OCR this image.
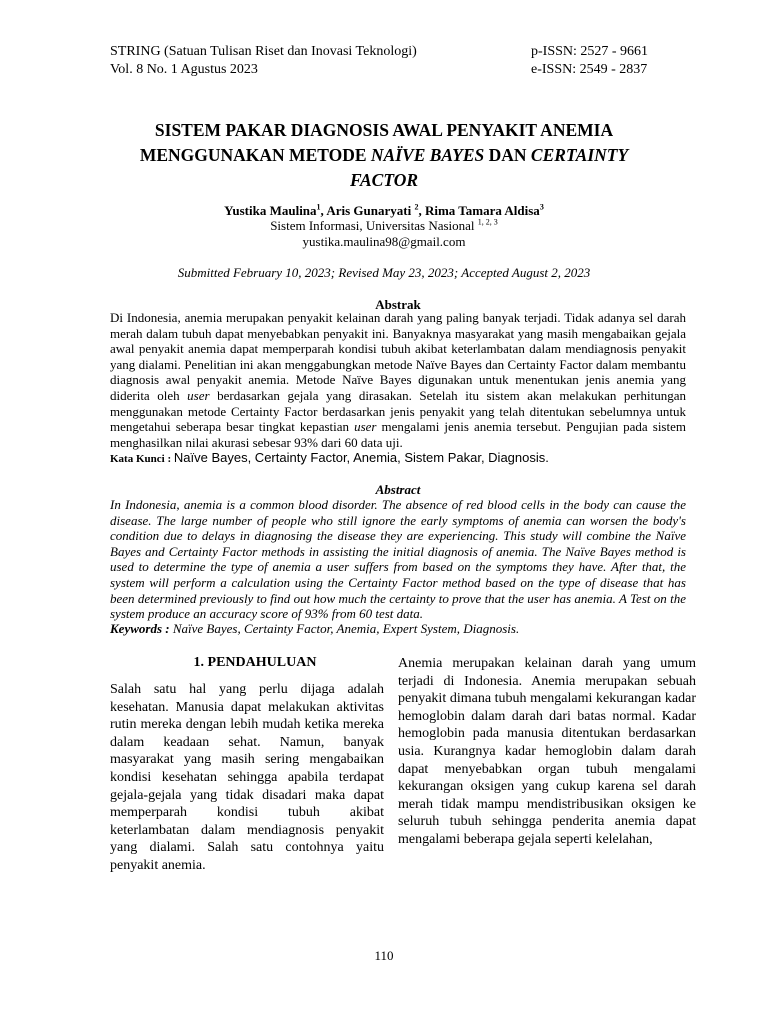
STRING (Satuan Tulisan Riset dan Inovasi Teknologi)
Vol. 8 No. 1 Agustus 2023
p-ISSN: 2527 - 9661
e-ISSN: 2549 - 2837
SISTEM PAKAR DIAGNOSIS AWAL PENYAKIT ANEMIA
MENGGUNAKAN METODE NAÏVE BAYES DAN CERTAINTY
FACTOR
Yustika Maulina$^1$, Aris Gunaryati $^2$, Rima Tamara Aldisa$^3$
Sistem Informasi, Universitas Nasional $^{1, 2, 3}$
yustika.maulina98@gmail.com
Submitted February 10, 2023; Revised May 23, 2023; Accepted August 2, 2023
Abstrak
Di Indonesia, anemia merupakan penyakit kelainan darah yang paling banyak terjadi. Tidak adanya sel darah merah dalam tubuh dapat menyebabkan penyakit ini. Banyaknya masyarakat yang masih mengabaikan gejala awal penyakit anemia dapat memperparah kondisi tubuh akibat keterlambatan dalam mendiagnosis penyakit yang dialami. Penelitian ini akan menggabungkan metode Naïve Bayes dan Certainty Factor dalam membantu diagnosis awal penyakit anemia. Metode Naïve Bayes digunakan untuk menentukan jenis anemia yang diderita oleh user berdasarkan gejala yang dirasakan. Setelah itu sistem akan melakukan perhitungan menggunakan metode Certainty Factor berdasarkan jenis penyakit yang telah ditentukan sebelumnya untuk mengetahui seberapa besar tingkat kepastian user mengalami jenis anemia tersebut. Pengujian pada sistem menghasilkan nilai akurasi sebesar 93% dari 60 data uji.
Kata Kunci : Naïve Bayes, Certainty Factor, Anemia, Sistem Pakar, Diagnosis.
Abstract
In Indonesia, anemia is a common blood disorder. The absence of red blood cells in the body can cause the disease. The large number of people who still ignore the early symptoms of anemia can worsen the body's condition due to delays in diagnosing the disease they are experiencing. This study will combine the Naïve Bayes and Certainty Factor methods in assisting the initial diagnosis of anemia. The Naïve Bayes method is used to determine the type of anemia a user suffers from based on the symptoms they have. After that, the system will perform a calculation using the Certainty Factor method based on the type of disease that has been determined previously to find out how much the certainty to prove that the user has anemia. A Test on the system produce an accuracy score of 93% from 60 test data.
Keywords : Naïve Bayes, Certainty Factor, Anemia, Expert System, Diagnosis.
1. PENDAHULUAN
Salah satu hal yang perlu dijaga adalah kesehatan. Manusia dapat melakukan aktivitas rutin mereka dengan lebih mudah ketika mereka dalam keadaan sehat. Namun, banyak masyarakat yang masih sering mengabaikan kondisi kesehatan sehingga apabila terdapat gejala-gejala yang tidak disadari maka dapat memperparah kondisi tubuh akibat keterlambatan dalam mendiagnosis penyakit yang dialami. Salah satu contohnya yaitu penyakit anemia.
Anemia merupakan kelainan darah yang umum terjadi di Indonesia. Anemia merupakan sebuah penyakit dimana tubuh mengalami kekurangan kadar hemoglobin dalam darah dari batas normal. Kadar hemoglobin pada manusia ditentukan berdasarkan usia. Kurangnya kadar hemoglobin dalam darah dapat menyebabkan organ tubuh mengalami kekurangan oksigen yang cukup karena sel darah merah tidak mampu mendistribusikan oksigen ke seluruh tubuh sehingga penderita anemia dapat mengalami beberapa gejala seperti kelelahan,
110
